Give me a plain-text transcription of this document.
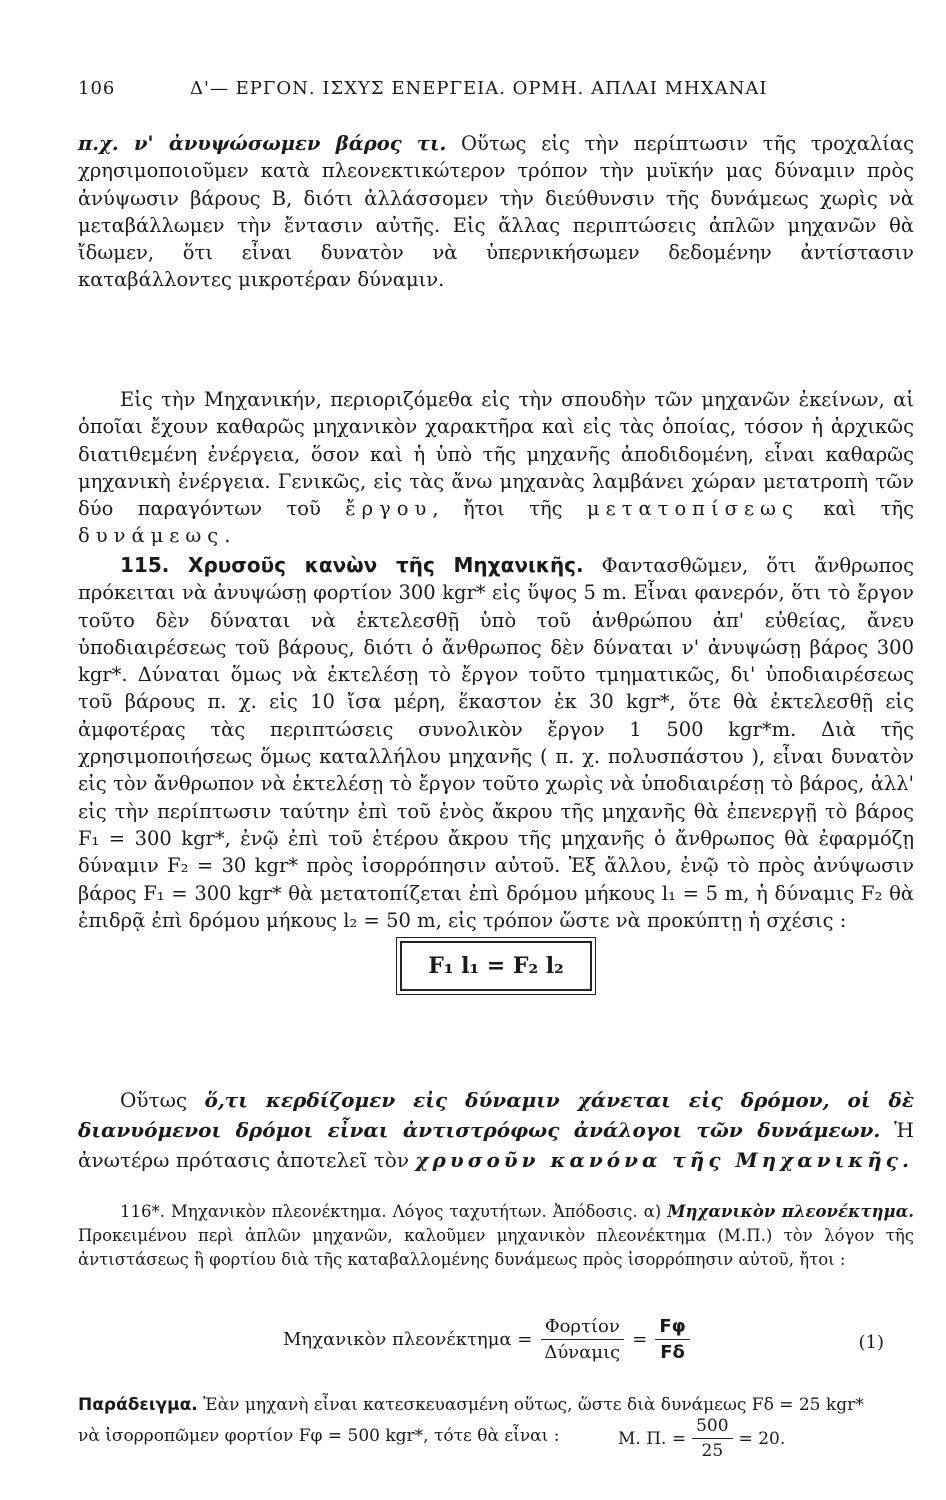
106	Δ'— ΕΡΓΟΝ. ΙΣΧΥΣ ΕΝΕΡΓΕΙΑ. ΟΡΜΗ. ΑΠΛΑΙ ΜΗΧΑΝΑΙ

π.χ. ν' ἀνυψώσωμεν βάρος τι. Οὕτως εἰς τὴν περίπτωσιν τῆς τροχαλίας χρησιμοποιοῦμεν κατὰ πλεονεκτικώτερον τρόπον τὴν μυϊκήν μας δύναμιν πρὸς ἀνύψωσιν βάρους Β, διότι ἀλλάσσομεν τὴν διεύθυνσιν τῆς δυνάμεως χωρὶς νὰ μεταβάλλωμεν τὴν ἔντασιν αὐτῆς. Εἰς ἄλλας περιπτώσεις ἁπλῶν μηχανῶν θὰ ἴδωμεν, ὅτι εἶναι δυνατὸν νὰ ὑπερνικήσωμεν δεδομένην ἀντίστασιν καταβάλλοντες μικροτέραν δύναμιν.

Εἰς τὴν Μηχανικήν, περιοριζόμεθα εἰς τὴν σπουδὴν τῶν μηχανῶν ἐκείνων, αἱ ὁποῖαι ἔχουν καθαρῶς μηχανικὸν χαρακτῆρα καὶ εἰς τὰς ὁποίας, τόσον ἡ ἀρχικῶς διατιθεμένη ἐνέργεια, ὅσον καὶ ἡ ὑπὸ τῆς μηχανῆς ἀποδιδομένη, εἶναι καθαρῶς μηχανικὴ ἐνέργεια. Γενικῶς, εἰς τὰς ἄνω μηχανὰς λαμβάνει χώραν μετατροπὴ τῶν δύο παραγόντων τοῦ ἔργου, ἤτοι τῆς μετατοπίσεως καὶ τῆς δυνάμεως.

115. Χρυσοῦς κανὼν τῆς Μηχανικῆς. Φαντασθῶμεν, ὅτι ἄνθρωπος πρόκειται νὰ ἀνυψώσῃ φορτίον 300 kgr* εἰς ὕψος 5 m. Εἶναι φανερόν, ὅτι τὸ ἔργον τοῦτο δὲν δύναται νὰ ἐκτελεσθῇ ὑπὸ τοῦ ἀνθρώπου ἀπ' εὐθείας, ἄνευ ὑποδιαιρέσεως τοῦ βάρους, διότι ὁ ἄνθρωπος δὲν δύναται ν' ἀνυψώσῃ βάρος 300 kgr*. Δύναται ὅμως νὰ ἐκτελέσῃ τὸ ἔργον τοῦτο τμηματικῶς, δι' ὑποδιαιρέσεως τοῦ βάρους π. χ. εἰς 10 ἴσα μέρη, ἕκαστον ἐκ 30 kgr*, ὅτε θὰ ἐκτελεσθῇ εἰς ἀμφοτέρας τὰς περιπτώσεις συνολικὸν ἔργον 1 500 kgr*m. Διὰ τῆς χρησιμοποιήσεως ὅμως καταλλήλου μηχανῆς ( π. χ. πολυσπάστου ), εἶναι δυνατὸν εἰς τὸν ἄνθρωπον νὰ ἐκτελέσῃ τὸ ἔργον τοῦτο χωρὶς νὰ ὑποδιαιρέσῃ τὸ βάρος, ἀλλ' εἰς τὴν περίπτωσιν ταύτην ἐπὶ τοῦ ἑνὸς ἄκρου τῆς μηχανῆς θὰ ἐπενεργῇ τὸ βάρος F₁ = 300 kgr*, ἐνῷ ἐπὶ τοῦ ἑτέρου ἄκρου τῆς μηχανῆς ὁ ἄνθρωπος θὰ ἐφαρμόζῃ δύναμιν F₂ = 30 kgr* πρὸς ἰσορρόπησιν αὐτοῦ. Ἐξ ἄλλου, ἐνῷ τὸ πρὸς ἀνύψωσιν βάρος F₁ = 300 kgr* θὰ μετατοπίζεται ἐπὶ δρόμου μήκους l₁ = 5 m, ἡ δύναμις F₂ θὰ ἐπιδρᾷ ἐπὶ δρόμου μήκους l₂ = 50 m, εἰς τρόπον ὥστε νὰ προκύπτῃ ἡ σχέσις :

F₁ l₁ = F₂ l₂

Οὕτως ὅ,τι κερδίζομεν εἰς δύναμιν χάνεται εἰς δρόμον, οἱ δὲ διανυόμενοι δρόμοι εἶναι ἀντιστρόφως ἀνάλογοι τῶν δυνάμεων. Ἡ ἀνωτέρω πρότασις ἀποτελεῖ τὸν χρυσοῦν κανόνα τῆς Μηχανικῆς.

116*. Μηχανικὸν πλεονέκτημα. Λόγος ταχυτήτων. Ἀπόδοσις. α) Μηχανικὸν πλεονέκτημα. Προκειμένου περὶ ἁπλῶν μηχανῶν, καλοῦμεν μηχανικὸν πλεονέκτημα (Μ.Π.) τὸν λόγον τῆς ἀντιστάσεως ἢ φορτίου διὰ τῆς καταβαλλομένης δυνάμεως πρὸς ἰσορρόπησιν αὐτοῦ, ἤτοι :

Μηχανικὸν $\pi\lambda\varepsilon o\nu έ\kappa\tau\eta\mu\alpha = \frac{\text{Φορτίον}}{\text{Δύναμις}} = \frac{F\varphi}{F\delta}$	(1)

Παράδειγμα. Ἐὰν μηχανὴ εἶναι κατεσκευασμένη οὕτως, ὥστε διὰ δυνάμεως Fδ = 25 kgr*

νὰ ἰσορροπῶμεν φορτίον Fφ = 500 kgr*, τότε θὰ εἶναι :	Μ. Π. = $\frac{500}{25} = 20$.
